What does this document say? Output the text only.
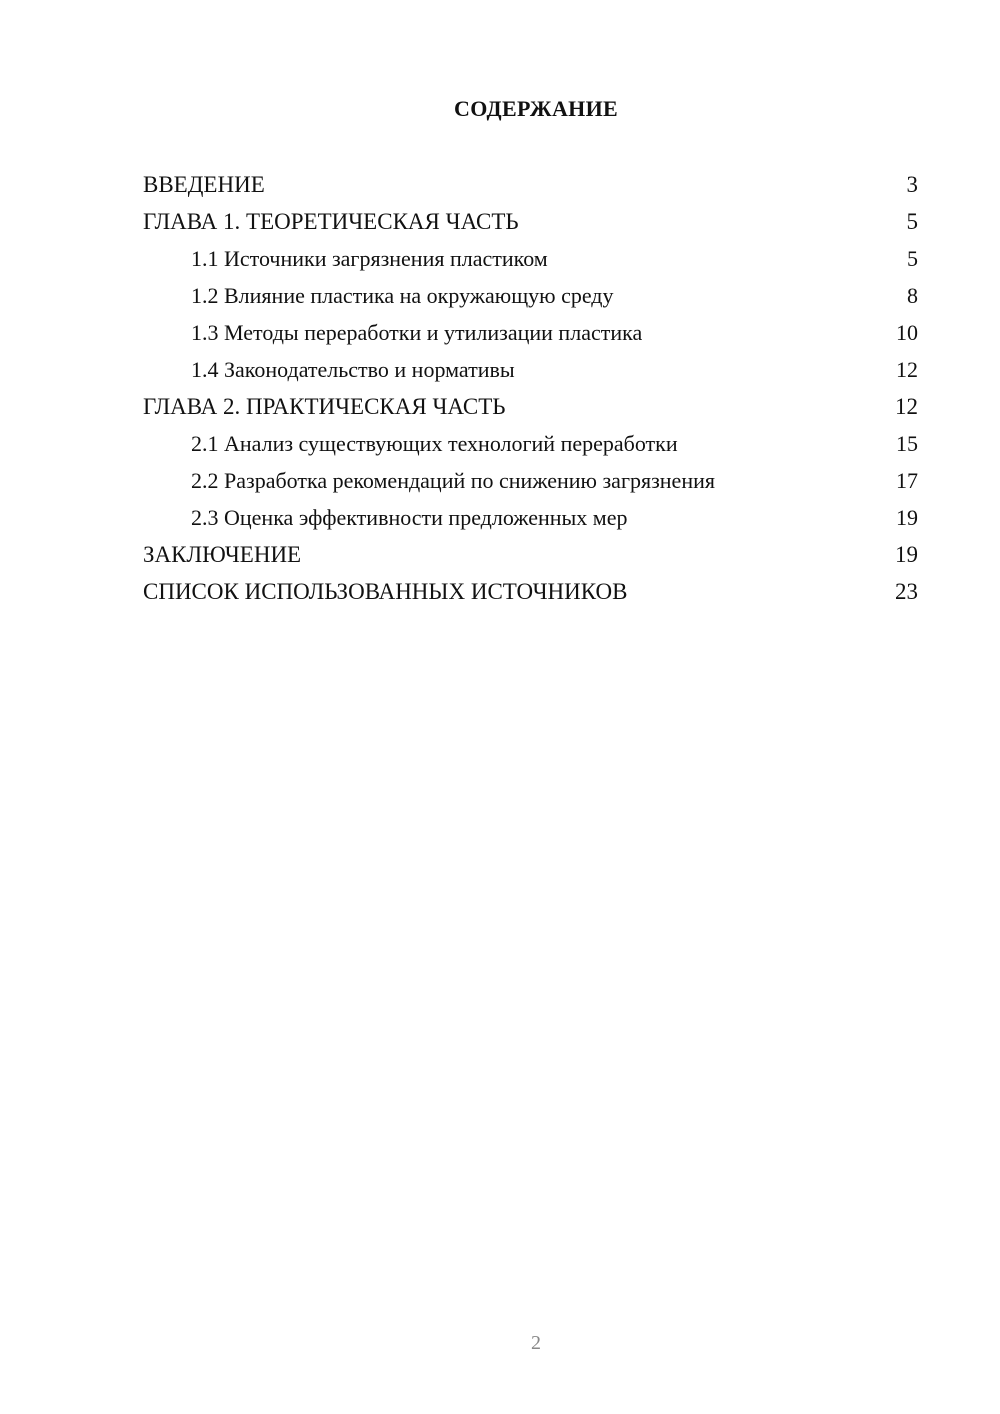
СОДЕРЖАНИЕ
ВВЕДЕНИЕ	3
ГЛАВА 1. ТЕОРЕТИЧЕСКАЯ ЧАСТЬ	5
1.1 Источники загрязнения пластиком	5
1.2 Влияние пластика на окружающую среду	8
1.3 Методы переработки и утилизации пластика	10
1.4 Законодательство и нормативы	12
ГЛАВА 2. ПРАКТИЧЕСКАЯ ЧАСТЬ	12
2.1 Анализ существующих технологий переработки	15
2.2 Разработка рекомендаций по снижению загрязнения	17
2.3 Оценка эффективности предложенных мер	19
ЗАКЛЮЧЕНИЕ	19
СПИСОК ИСПОЛЬЗОВАННЫХ ИСТОЧНИКОВ	23
2
